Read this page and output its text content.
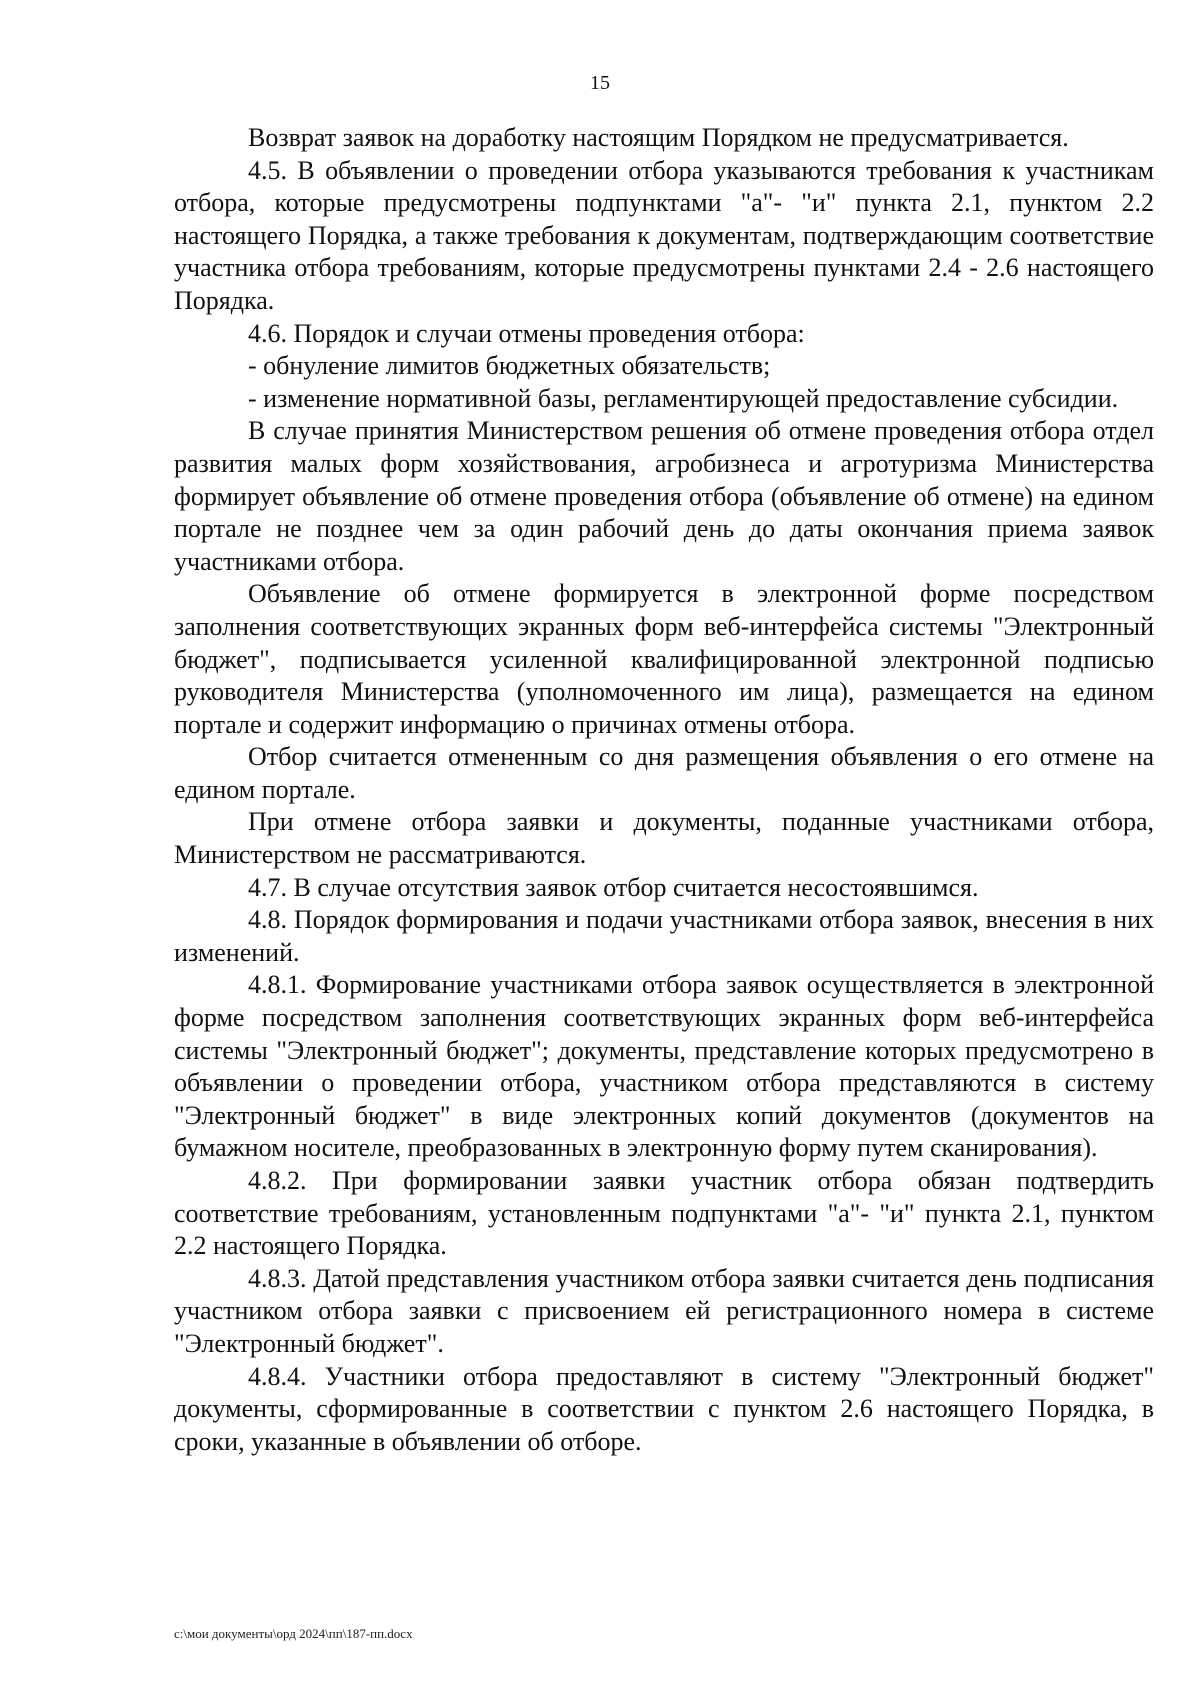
15

Возврат заявок на доработку настоящим Порядком не предусматривается.

4.5. В объявлении о проведении отбора указываются требования к участникам отбора, которые предусмотрены подпунктами "а"- "и" пункта 2.1, пунктом 2.2 настоящего Порядка, а также требования к документам, подтверждающим соответствие участника отбора требованиям, которые предусмотрены пунктами 2.4 - 2.6 настоящего Порядка.

4.6. Порядок и случаи отмены проведения отбора:

- обнуление лимитов бюджетных обязательств;

- изменение нормативной базы, регламентирующей предоставление субсидии.

В случае принятия Министерством решения об отмене проведения отбора отдел развития малых форм хозяйствования, агробизнеса и агротуризма Министерства формирует объявление об отмене проведения отбора (объявление об отмене) на едином портале не позднее чем за один рабочий день до даты окончания приема заявок участниками отбора.

Объявление об отмене формируется в электронной форме посредством заполнения соответствующих экранных форм веб-интерфейса системы "Электронный бюджет", подписывается усиленной квалифицированной электронной подписью руководителя Министерства (уполномоченного им лица), размещается на едином портале и содержит информацию о причинах отмены отбора.

Отбор считается отмененным со дня размещения объявления о его отмене на едином портале.

При отмене отбора заявки и документы, поданные участниками отбора, Министерством не рассматриваются.

4.7. В случае отсутствия заявок отбор считается несостоявшимся.

4.8. Порядок формирования и подачи участниками отбора заявок, внесения в них изменений.

4.8.1. Формирование участниками отбора заявок осуществляется в электронной форме посредством заполнения соответствующих экранных форм веб-интерфейса системы "Электронный бюджет"; документы, представление которых предусмотрено в объявлении о проведении отбора, участником отбора представляются в систему "Электронный бюджет" в виде электронных копий документов (документов на бумажном носителе, преобразованных в электронную форму путем сканирования).

4.8.2. При формировании заявки участник отбора обязан подтвердить соответствие требованиям, установленным подпунктами "а"- "и" пункта 2.1, пунктом 2.2 настоящего Порядка.

4.8.3. Датой представления участником отбора заявки считается день подписания участником отбора заявки с присвоением ей регистрационного номера в системе "Электронный бюджет".

4.8.4. Участники отбора предоставляют в систему "Электронный бюджет" документы, сформированные в соответствии с пунктом 2.6 настоящего Порядка, в сроки, указанные в объявлении об отборе.

c:\мои документы\орд 2024\пп\187-пп.docx
